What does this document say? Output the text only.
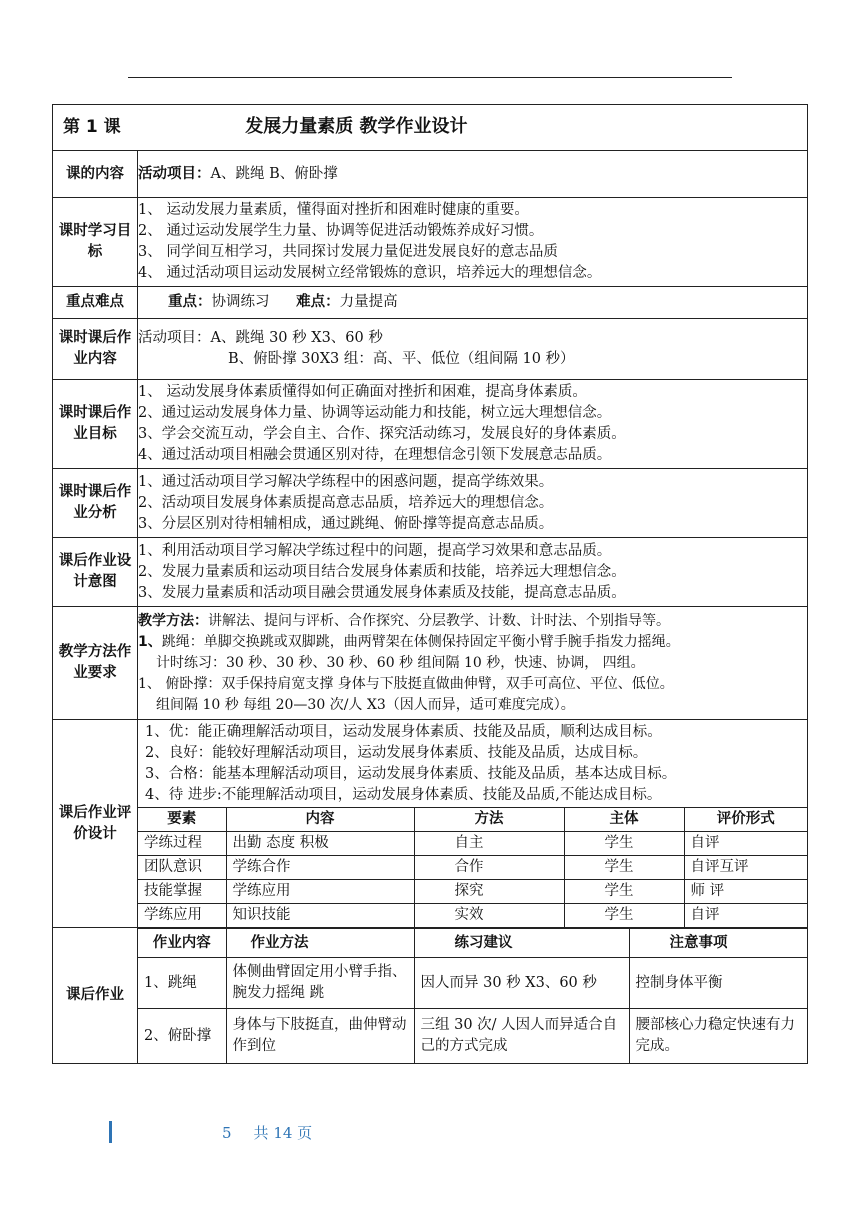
第 1 课	发展力量素质 教学作业设计
课的内容	活动项目：A、跳绳 B、俯卧撑
课时学习目标	
1、 运动发展力量素质，懂得面对挫折和困难时健康的重要。
2、 通过运动发展学生力量、协调等促进活动锻炼养成好习惯。
3、 同学间互相学习，共同探讨发展力量促进发展良好的意志品质
4、 通过活动项目运动发展树立经常锻炼的意识，培养远大的理想信念。

重点难点	重点：协调练习 难点：力量提高
课时课后作业内容	
活动项目：A、跳绳 30 秒 X3、60 秒
B、俯卧撑 30X3 组：高、平、低位（组间隔 10 秒）

课时课后作业目标	
1、 运动发展身体素质懂得如何正确面对挫折和困难，提高身体素质。
2、通过运动发展身体力量、协调等运动能力和技能，树立远大理想信念。
3、学会交流互动，学会自主、合作、探究活动练习，发展良好的身体素质。
4、通过活动项目相融会贯通区别对待，在理想信念引领下发展意志品质。

课时课后作业分析	
1、通过活动项目学习解决学练程中的困惑问题，提高学练效果。
2、活动项目发展身体素质提高意志品质，培养远大的理想信念。
3、分层区别对待相辅相成，通过跳绳、俯卧撑等提高意志品质。

课后作业设计意图	
1、利用活动项目学习解决学练过程中的问题，提高学习效果和意志品质。
2、发展力量素质和运动项目结合发展身体素质和技能，培养远大理想信念。
3、发展力量素质和活动项目融会贯通发展身体素质及技能，提高意志品质。

教学方法作业要求	
教学方法：讲解法、提问与评析、合作探究、分层教学、计数、计时法、个别指导等。
1、跳绳：单脚交换跳或双脚跳，曲两臂架在体侧保持固定平衡小臂手腕手指发力摇绳。
计时练习：30 秒、30 秒、30 秒、60 秒 组间隔 10 秒，快速、协调， 四组。
1、 俯卧撑：双手保持肩宽支撑 身体与下肢挺直做曲伸臂，双手可高位、平位、低位。
组间隔 10 秒 每组 20—30 次/人 X3（因人而异，适可难度完成）。

课后作业评价设计	
1、优：能正确理解活动项目，运动发展身体素质、技能及品质，顺利达成目标。
2、良好：能较好理解活动项目，运动发展身体素质、技能及品质，达成目标。
3、合格：能基本理解活动项目，运动发展身体素质、技能及品质，基本达成目标。
4、待 进步:不能理解活动项目，运动发展身体素质、技能及品质,不能达成目标。
要素	内容	方法	主体	评价形式
学练过程	出勤 态度 积极	自主	学生	自评
团队意识	学练合作	合作	学生	自评互评
技能掌握	学练应用	探究	学生	师 评
学练应用	知识技能	实效	学生	自评

课后作业	
作业内容	作业方法	练习建议	注意事项
1、跳绳	体侧曲臂固定用小臂手指、腕发力摇绳 跳	因人而异 30 秒 X3、60 秒	控制身体平衡
2、俯卧撑	身体与下肢挺直，曲伸臂动作到位	三组 30 次/ 人因人而异适合自己的方式完成	腰部核心力稳定快速有力完成。
5 共 14 页
